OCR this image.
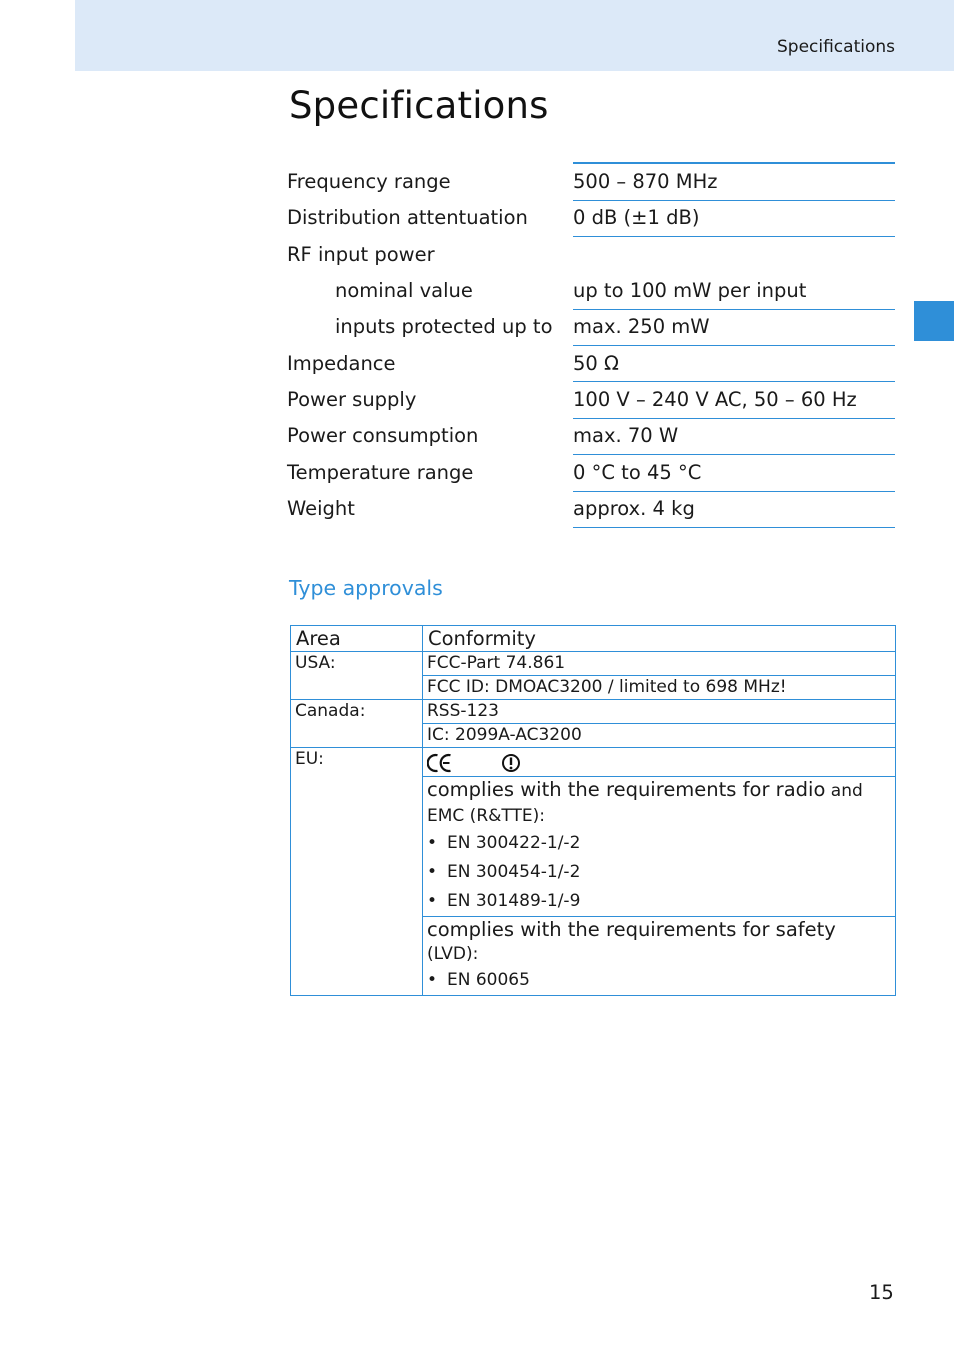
Specifications
Specifications
Frequency range	500 – 870 MHz
Distribution attentuation 0 dB (±1 dB)
RF input power
nominal value	up to 100 mW per input
inputs protected up to max. 250 mW
Impedance	50 Ω
Power supply	100 V – 240 V AC, 50 – 60 Hz
Power consumption	max. 70 W
Temperature range	0 °C to 45 °C
Weight	approx. 4 kg
Type approvals
Area	Conformity
USA:	FCC-Part 74.861
	FCC ID: DMOAC3200 / limited to 698 MHz!
Canada:	RSS-123
	IC: 2099A-AC3200
EU:	

	complies with the requirements for radio and
EMC (R&TTE):
• EN 300422-1/-2
• EN 300454-1/-2
• EN 301489-1/-9

	complies with the requirements for safety (LVD):
• EN 60065
15
